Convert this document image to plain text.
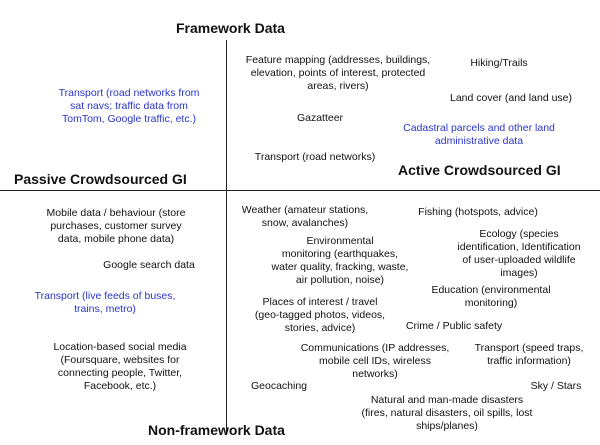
Framework Data
Non-framework Data
Passive Crowdsourced GI
Active Crowdsourced GI
Feature mapping (addresses, buildings,
elevation, points of interest, protected
areas, rivers)
Hiking/Trails
Land cover (and land use)
Gazatteer
Cadastral parcels and other land
administrative data
Transport (road networks)
Transport (road networks from
sat navs; traffic data from
TomTom, Google traffic, etc.)
Mobile data / behaviour (store
purchases, customer survey
data, mobile phone data)
Google search data
Transport (live feeds of buses,
trains, metro)
Location-based social media
(Foursquare, websites for
connecting people, Twitter,
Facebook, etc.)
Weather (amateur stations,
snow, avalanches)
Fishing (hotspots, advice)
Environmental
monitoring (earthquakes,
water quality, fracking, waste,
air pollution, noise)
Ecology (species
identification, Identification
of user-uploaded wildlife
images)
Education (environmental
monitoring)
Places of interest / travel
(geo-tagged photos, videos,
stories, advice)	Crime / Public safety
Communications (IP addresses,
mobile cell IDs, wireless
networks)
Transport (speed traps,
traffic information)
Geocaching	Sky / Stars
Natural and man-made disasters
(fires, natural disasters, oil spills, lost
ships/planes)
